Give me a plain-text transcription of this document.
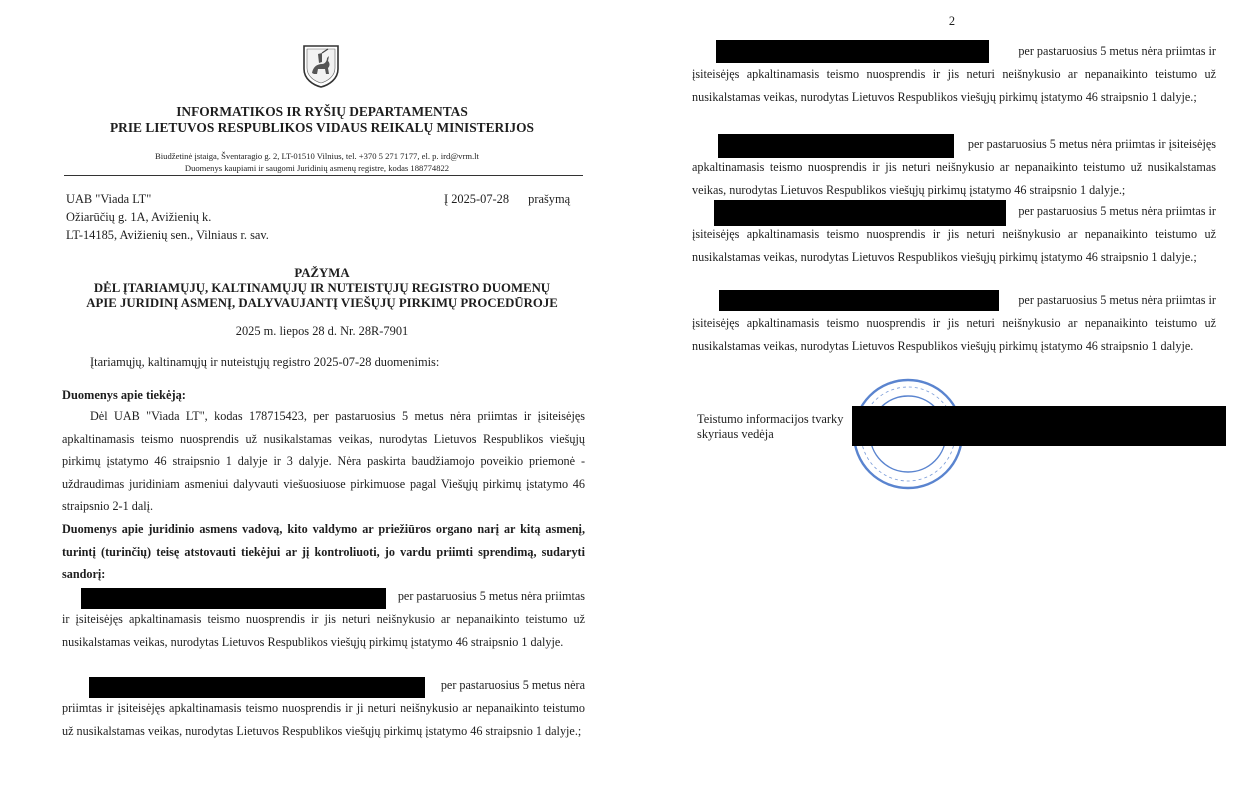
INFORMATIKOS IR RYŠIŲ DEPARTAMENTAS
PRIE LIETUVOS RESPUBLIKOS VIDAUS REIKALŲ MINISTERIJOS
Biudžetinė įstaiga, Šventaragio g. 2, LT-01510 Vilnius, tel. +370 5 271 7177, el. p. ird@vrm.lt
Duomenys kaupiami ir saugomi Juridinių asmenų registre, kodas 188774822
UAB "Viada LT"
Ožiarūčių g. 1A, Avižienių k.
LT-14185, Avižienių sen., Vilniaus r. sav.
Į 2025-07-28 prašymą
PAŽYMA
DĖL ĮTARIAMŲJŲ, KALTINAMŲJŲ IR NUTEISTŲJŲ REGISTRO DUOMENŲ
APIE JURIDINĮ ASMENĮ, DALYVAUJANTĮ VIEŠŲJŲ PIRKIMŲ PROCEDŪROJE
2025 m. liepos 28 d. Nr. 28R-7901
Įtariamųjų, kaltinamųjų ir nuteistųjų registro 2025-07-28 duomenimis:
Duomenys apie tiekėją:
Dėl UAB "Viada LT", kodas 178715423, per pastaruosius 5 metus nėra priimtas ir įsiteisėjęs apkaltinamasis teismo nuosprendis už nusikalstamas veikas, nurodytas Lietuvos Respublikos viešųjų pirkimų įstatymo 46 straipsnio 1 dalyje ir 3 dalyje. Nėra paskirta baudžiamojo poveikio priemonė - uždraudimas juridiniam asmeniui dalyvauti viešuosiuose pirkimuose pagal Viešųjų pirkimų įstatymo 46 straipsnio 2-1 dalį.
Duomenys apie juridinio asmens vadovą, kito valdymo ar priežiūros organo narį ar kitą asmenį, turintį (turinčių) teisę atstovauti tiekėjui ar jį kontroliuoti, jo vardu priimti sprendimą, sudaryti sandorį:
per pastaruosius 5 metus nėra priimtas
ir įsiteisėjęs apkaltinamasis teismo nuosprendis ir jis neturi neišnykusio ar nepanaikinto teistumo už nusikalstamas veikas, nurodytas Lietuvos Respublikos viešųjų pirkimų įstatymo 46 straipsnio 1 dalyje.
per pastaruosius 5 metus nėra
priimtas ir įsiteisėjęs apkaltinamasis teismo nuosprendis ir ji neturi neišnykusio ar nepanaikinto teistumo už nusikalstamas veikas, nurodytas Lietuvos Respublikos viešųjų pirkimų įstatymo 46 straipsnio 1 dalyje.;
2
per pastaruosius 5 metus nėra priimtas ir
įsiteisėjęs apkaltinamasis teismo nuosprendis ir jis neturi neišnykusio ar nepanaikinto teistumo už nusikalstamas veikas, nurodytas Lietuvos Respublikos viešųjų pirkimų įstatymo 46 straipsnio 1 dalyje.;
per pastaruosius 5 metus nėra priimtas ir įsiteisėjęs
apkaltinamasis teismo nuosprendis ir jis neturi neišnykusio ar nepanaikinto teistumo už nusikalstamas veikas, nurodytas Lietuvos Respublikos viešųjų pirkimų įstatymo 46 straipsnio 1 dalyje.;
per pastaruosius 5 metus nėra priimtas ir
įsiteisėjęs apkaltinamasis teismo nuosprendis ir jis neturi neišnykusio ar nepanaikinto teistumo už nusikalstamas veikas, nurodytas Lietuvos Respublikos viešųjų pirkimų įstatymo 46 straipsnio 1 dalyje.;
per pastaruosius 5 metus nėra priimtas ir
įsiteisėjęs apkaltinamasis teismo nuosprendis ir jis neturi neišnykusio ar nepanaikinto teistumo už nusikalstamas veikas, nurodytas Lietuvos Respublikos viešųjų pirkimų įstatymo 46 straipsnio 1 dalyje.
Teistumo informacijos tvarky
skyriaus vedėja
